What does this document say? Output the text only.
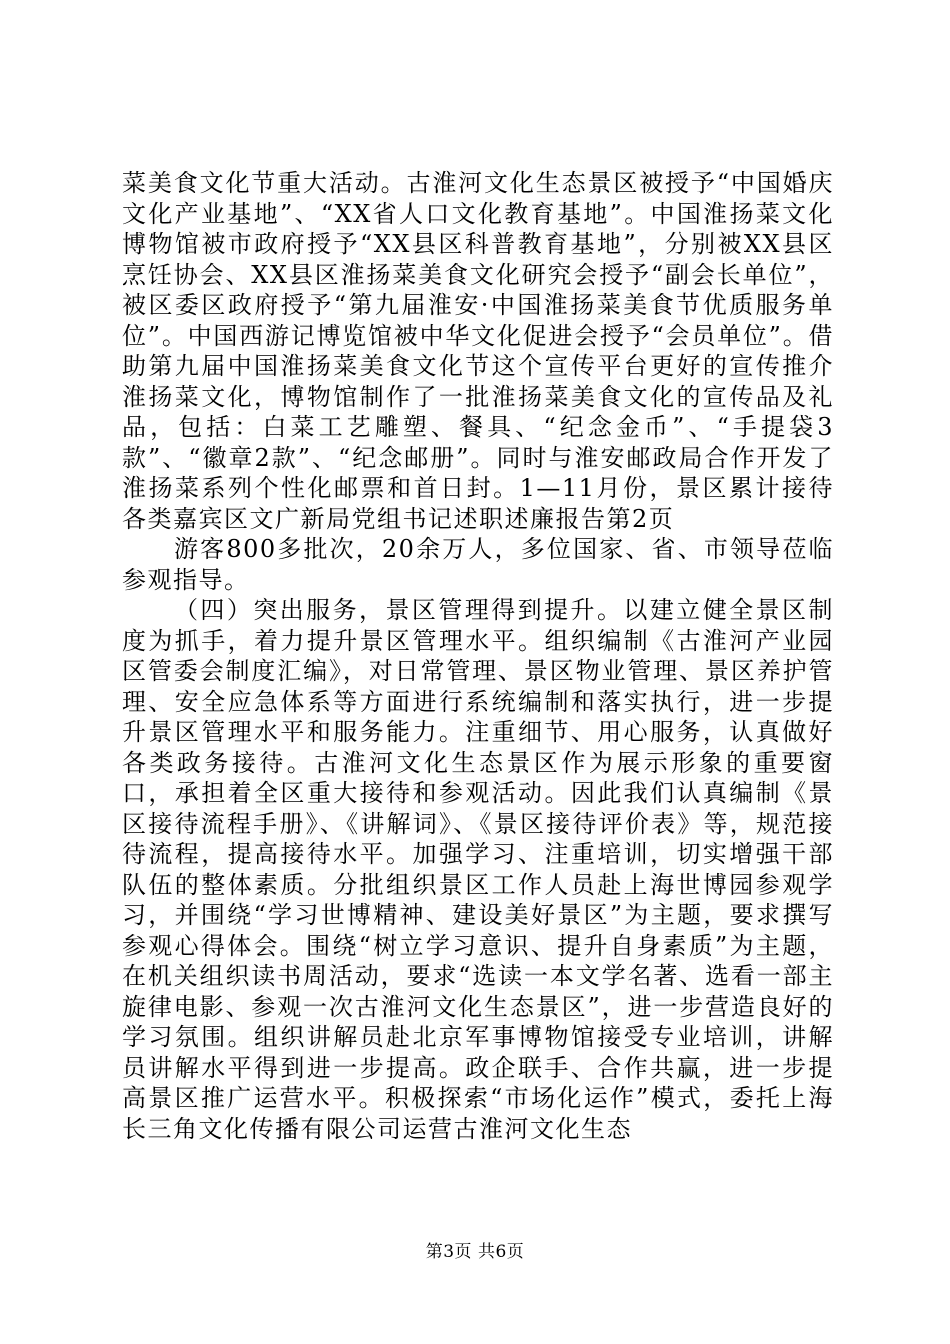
菜美食文化节重大活动。古淮河文化生态景区被授予“中国婚庆文化产业基地”、“XX省人口文化教育基地”。中国淮扬菜文化博物馆被市政府授予“XX县区科普教育基地”，分别被XX县区烹饪协会、XX县区淮扬菜美食文化研究会授予“副会长单位”，被区委区政府授予“第九届淮安·中国淮扬菜美食节优质服务单位”。中国西游记博览馆被中华文化促进会授予“会员单位”。借助第九届中国淮扬菜美食文化节这个宣传平台更好的宣传推介淮扬菜文化，博物馆制作了一批淮扬菜美食文化的宣传品及礼品，包括：白菜工艺雕塑、餐具、“纪念金币”、“手提袋3款”、“徽章2款”、“纪念邮册”。同时与淮安邮政局合作开发了淮扬菜系列个性化邮票和首日封。1—11月份，景区累计接待各类嘉宾区文广新局党组书记述职述廉报告第2页

游客800多批次，20余万人，多位国家、省、市领导莅临参观指导。

（四）突出服务，景区管理得到提升。以建立健全景区制度为抓手，着力提升景区管理水平。组织编制《古淮河产业园区管委会制度汇编》，对日常管理、景区物业管理、景区养护管理、安全应急体系等方面进行系统编制和落实执行，进一步提升景区管理水平和服务能力。注重细节、用心服务，认真做好各类政务接待。古淮河文化生态景区作为展示形象的重要窗口，承担着全区重大接待和参观活动。因此我们认真编制《景区接待流程手册》、《讲解词》、《景区接待评价表》等，规范接待流程，提高接待水平。加强学习、注重培训，切实增强干部队伍的整体素质。分批组织景区工作人员赴上海世博园参观学习，并围绕“学习世博精神、建设美好景区”为主题，要求撰写参观心得体会。围绕“树立学习意识、提升自身素质”为主题，在机关组织读书周活动，要求“选读一本文学名著、选看一部主旋律电影、参观一次古淮河文化生态景区”，进一步营造良好的学习氛围。组织讲解员赴北京军事博物馆接受专业培训，讲解员讲解水平得到进一步提高。政企联手、合作共赢，进一步提高景区推广运营水平。积极探索“市场化运作”模式，委托上海长三角文化传播有限公司运营古淮河文化生态

第3页 共6页
